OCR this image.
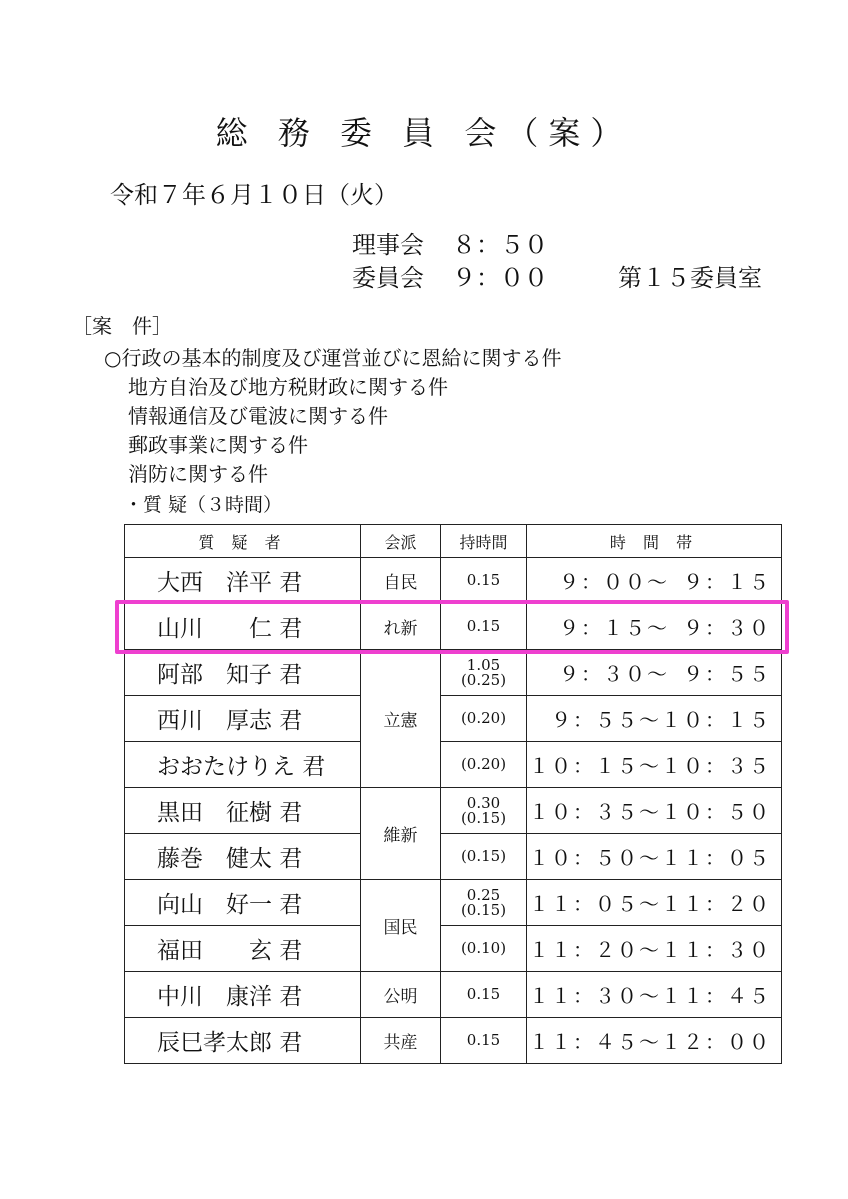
総 務 委 員 会（案）
令和７年６月１０日（火）
理事会 ８：５０
委員会 ９：００	第１５委員室
［案　件］
○行政の基本的制度及び運営並びに恩給に関する件
地方自治及び地方税財政に関する件
情報通信及び電波に関する件
郵政事業に関する件
消防に関する件
・質 疑（３時間）
質 疑 者	会派	持時間	時 間 帯
大西　洋平 君	自民	0.15	９：００～ ９：１５
山川　　仁 君	れ新	0.15	９：１５～ ９：３０
阿部　知子 君	立憲	1.05
(0.25)	９：３０～ ９：５５
西川　厚志 君		(0.20)	９：５５～１０：１５
おおたけりえ 君		(0.20)	１０：１５～１０：３５
黒田　征樹 君	維新	0.30
(0.15)	１０：３５～１０：５０
藤巻　健太 君		(0.15)	１０：５０～１１：０５
向山　好一 君	国民	0.25
(0.15)	１１：０５～１１：２０
福田　　玄 君		(0.10)	１１：２０～１１：３０
中川　康洋 君	公明	0.15	１１：３０～１１：４５
辰巳孝太郎 君	共産	0.15	１１：４５～１２：００
